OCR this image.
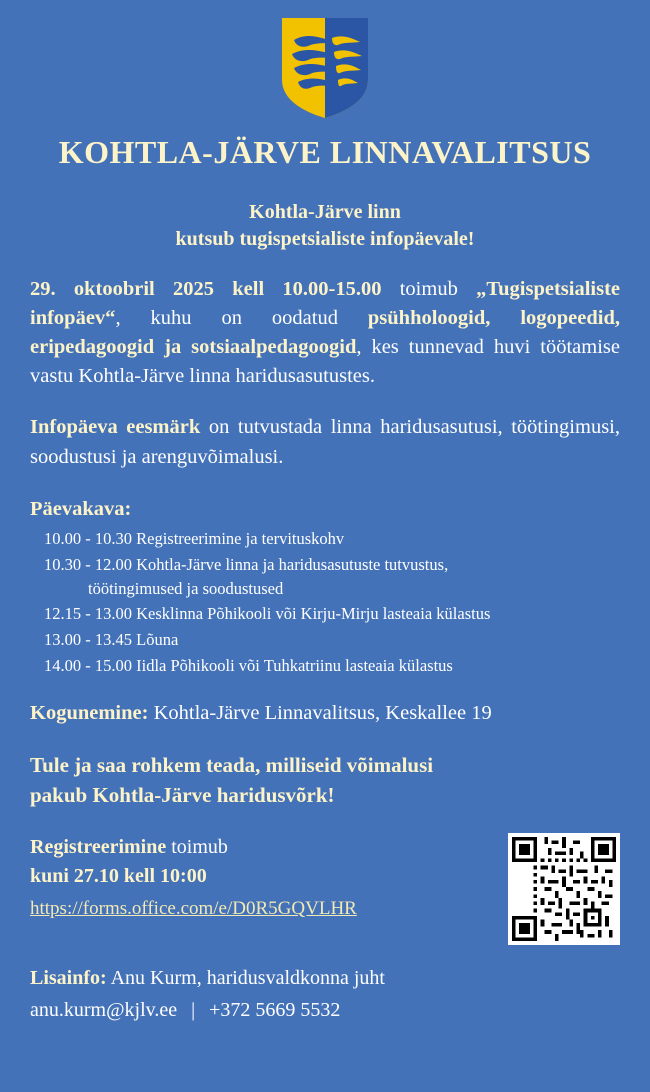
KOHTLA-JÄRVE LINNAVALITSUS
Kohtla-Järve linn
kutsub tugispetsialiste infopäevale!

29. oktoobril 2025 kell 10.00-15.00 toimub „Tugispetsialiste infopäev“, kuhu on oodatud psühholoogid, logopeedid, eripedagoogid ja sotsiaalpedagoogid, kes tunnevad huvi töötamise vastu Kohtla-Järve linna haridusasutustes.

Infopäeva eesmärk on tutvustada linna haridusasutusi, töötingimusi, soodustusi ja arenguvõimalusi.

Päevakava:
10.00 - 10.30 Registreerimine ja tervituskohv
10.30 - 12.00 Kohtla-Järve linna ja haridusasutuste tutvustus,
töötingimused ja soodustused
12.15 - 13.00 Kesklinna Põhikooli või Kirju-Mirju lasteaia külastus
13.00 - 13.45 Lõuna
14.00 - 15.00 Iidla Põhikooli või Tuhkatriinu lasteaia külastus
Kogunemine: Kohtla-Järve Linnavalitsus, Keskallee 19
Tule ja saa rohkem teada, milliseid võimalusi
pakub Kohtla-Järve haridusvõrk!
Registreerimine toimub
kuni 27.10 kell 10:00
https://forms.office.com/e/D0R5GQVLHR
Lisainfo: Anu Kurm, haridusvaldkonna juht
anu.kurm@kjlv.ee | +372 5669 5532
